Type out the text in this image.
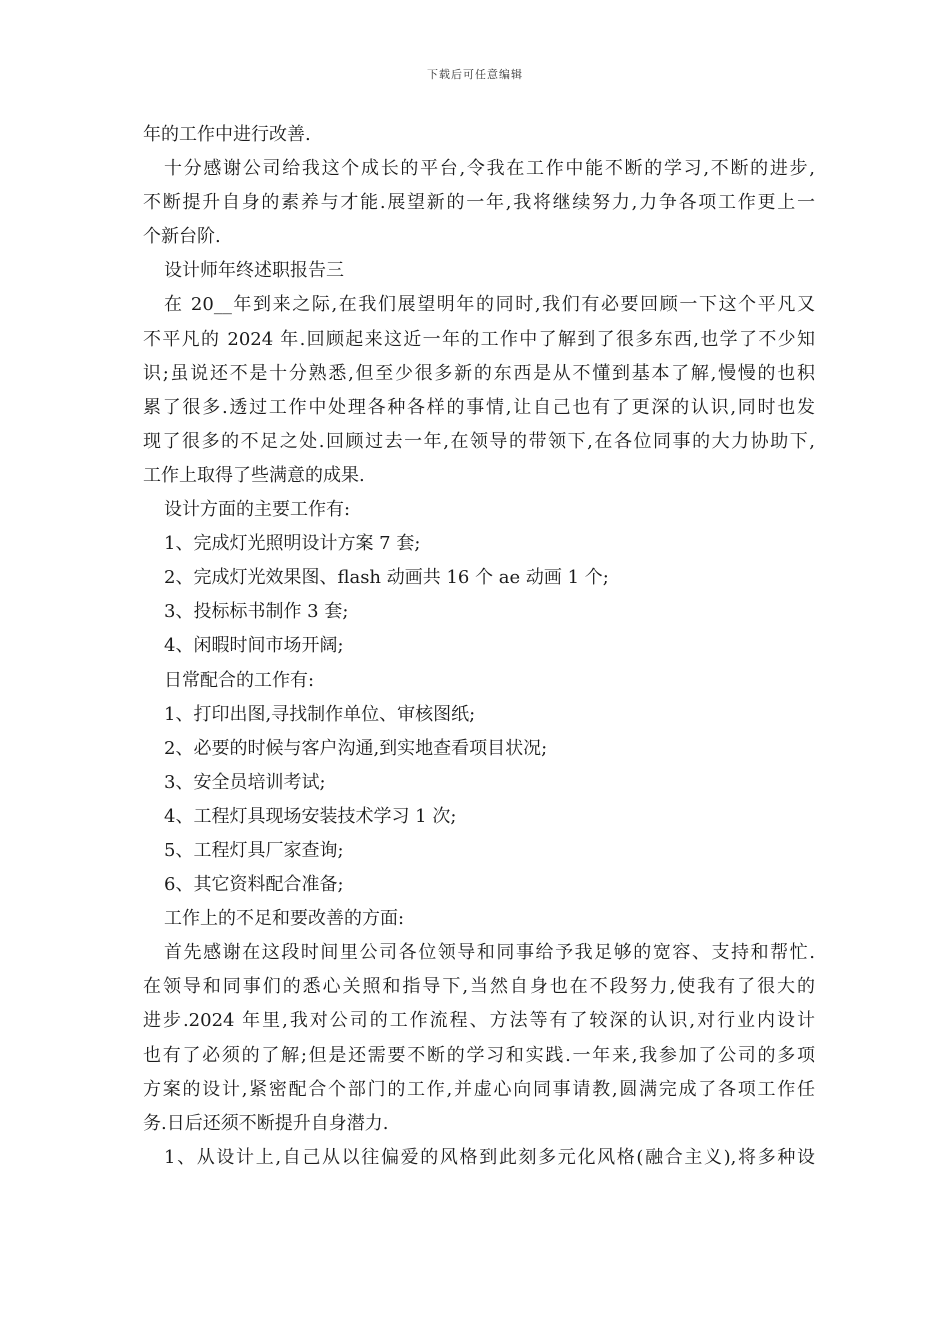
下载后可任意编辑
年的工作中进行改善.
十分感谢公司给我这个成长的平台,令我在工作中能不断的学习,不断的进步,
不断提升自身的素养与才能.展望新的一年,我将继续努力,力争各项工作更上一
个新台阶.
设计师年终述职报告三
在 20__年到来之际,在我们展望明年的同时,我们有必要回顾一下这个平凡又
不平凡的 2024 年.回顾起来这近一年的工作中了解到了很多东西,也学了不少知
识;虽说还不是十分熟悉,但至少很多新的东西是从不懂到基本了解,慢慢的也积
累了很多.透过工作中处理各种各样的事情,让自己也有了更深的认识,同时也发
现了很多的不足之处.回顾过去一年,在领导的带领下,在各位同事的大力协助下,
工作上取得了些满意的成果.
设计方面的主要工作有:
1、完成灯光照明设计方案 7 套;
2、完成灯光效果图、flash 动画共 16 个 ae 动画 1 个;
3、投标标书制作 3 套;
4、闲暇时间市场开阔;
日常配合的工作有:
1、打印出图,寻找制作单位、审核图纸;
2、必要的时候与客户沟通,到实地查看项目状况;
3、安全员培训考试;
4、工程灯具现场安装技术学习 1 次;
5、工程灯具厂家查询;
6、其它资料配合准备;
工作上的不足和要改善的方面:
首先感谢在这段时间里公司各位领导和同事给予我足够的宽容、支持和帮忙.
在领导和同事们的悉心关照和指导下,当然自身也在不段努力,使我有了很大的
进步.2024 年里,我对公司的工作流程、方法等有了较深的认识,对行业内设计
也有了必须的了解;但是还需要不断的学习和实践.一年来,我参加了公司的多项
方案的设计,紧密配合个部门的工作,并虚心向同事请教,圆满完成了各项工作任
务.日后还须不断提升自身潜力.
1、从设计上,自己从以往偏爱的风格到此刻多元化风格(融合主义),将多种设
